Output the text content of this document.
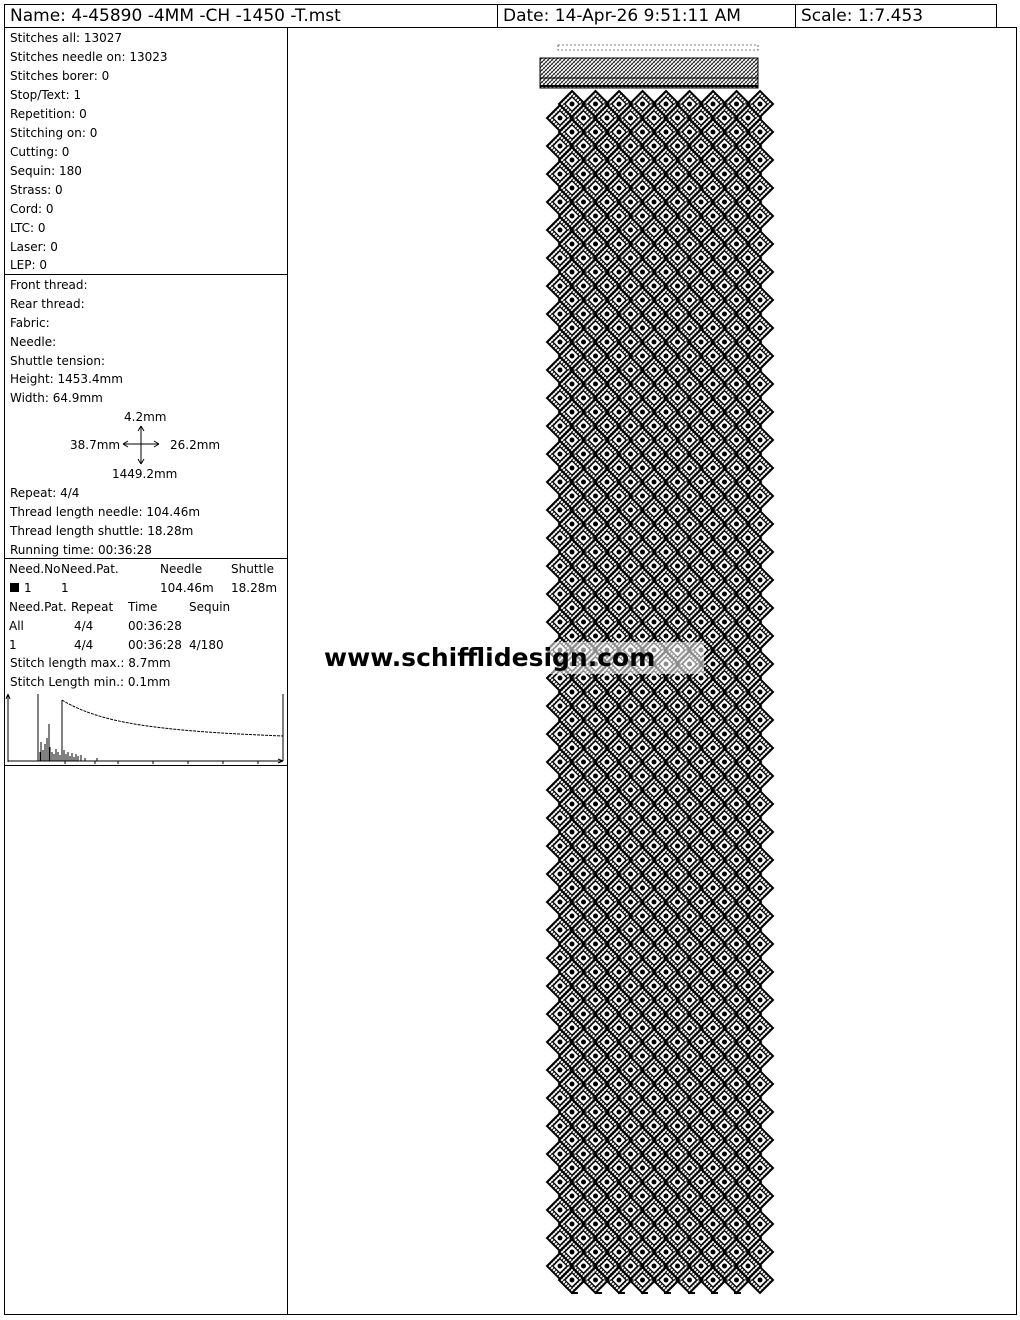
Name: 4-45890 -4MM -CH -1450 -T.mst	Date: 14-Apr-26 9:51:11 AM	Scale: 1:7.453
Stitches all: 13027
Stitches needle on: 13023
Stitches borer: 0
Stop/Text: 1
Repetition: 0
Stitching on: 0
Cutting: 0
Sequin: 180
Strass: 0
Cord: 0
LTC: 0
Laser: 0
LEP: 0
Front thread:
Rear thread:
Fabric:
Needle:
Shuttle tension:
Height: 1453.4mm
Width: 64.9mm
4.2mm
38.7mm	26.2mm
1449.2mm
Repeat: 4/4
Thread length needle: 104.46m
Thread length shuttle: 18.28m
Running time: 00:36:28
Need.No Need.Pat.	Needle Shuttle
1 1	104.46m 18.28m
Need.Pat. Repeat Time	Sequin
All	4/4	00:36:28
1	4/4	00:36:28 4/180
Stitch length max.: 8.7mm
Stitch Length min.: 0.1mm
www.schifflidesign.com
